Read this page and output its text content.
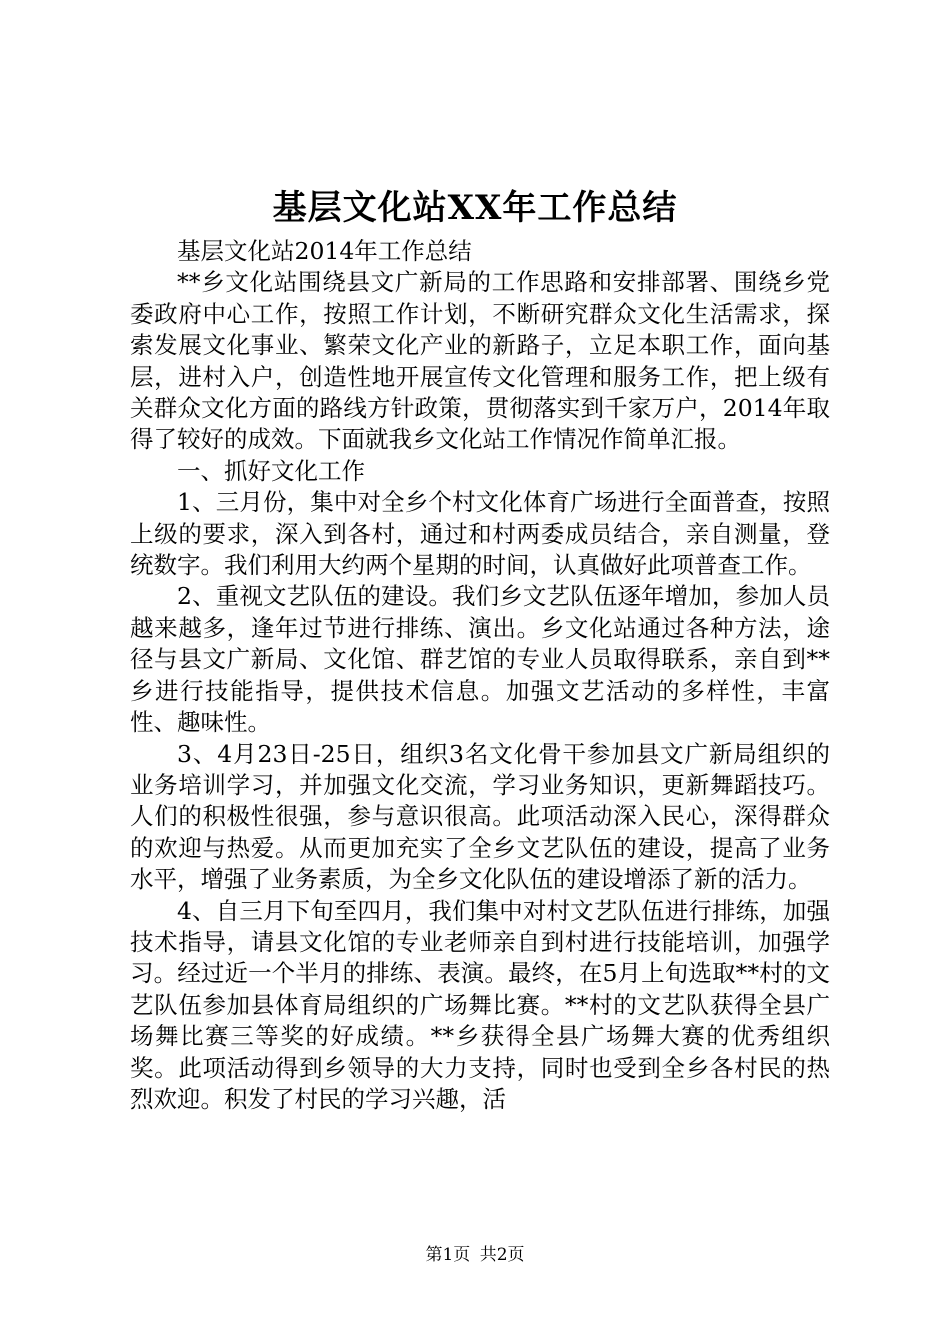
基层文化站XX年工作总结

基层文化站2014年工作总结

**乡文化站围绕县文广新局的工作思路和安排部署、围绕乡党委政府中心工作，按照工作计划，不断研究群众文化生活需求，探索发展文化事业、繁荣文化产业的新路子，立足本职工作，面向基层，进村入户，创造性地开展宣传文化管理和服务工作，把上级有关群众文化方面的路线方针政策，贯彻落实到千家万户，2014年取得了较好的成效。下面就我乡文化站工作情况作简单汇报。

一、抓好文化工作

1、三月份，集中对全乡个村文化体育广场进行全面普查，按照上级的要求，深入到各村，通过和村两委成员结合，亲自测量，登统数字。我们利用大约两个星期的时间，认真做好此项普查工作。

2、重视文艺队伍的建设。我们乡文艺队伍逐年增加，参加人员越来越多，逢年过节进行排练、演出。乡文化站通过各种方法，途径与县文广新局、文化馆、群艺馆的专业人员取得联系，亲自到**乡进行技能指导，提供技术信息。加强文艺活动的多样性，丰富性、趣味性。

3、4月23日-25日，组织3名文化骨干参加县文广新局组织的业务培训学习，并加强文化交流，学习业务知识，更新舞蹈技巧。人们的积极性很强，参与意识很高。此项活动深入民心，深得群众的欢迎与热爱。从而更加充实了全乡文艺队伍的建设，提高了业务水平，增强了业务素质，为全乡文化队伍的建设增添了新的活力。

4、自三月下旬至四月，我们集中对村文艺队伍进行排练，加强技术指导，请县文化馆的专业老师亲自到村进行技能培训，加强学习。经过近一个半月的排练、表演。最终，在5月上旬选取**村的文艺队伍参加县体育局组织的广场舞比赛。**村的文艺队获得全县广场舞比赛三等奖的好成绩。**乡获得全县广场舞大赛的优秀组织奖。此项活动得到乡领导的大力支持，同时也受到全乡各村民的热烈欢迎。积发了村民的学习兴趣，活

第1页 共2页
